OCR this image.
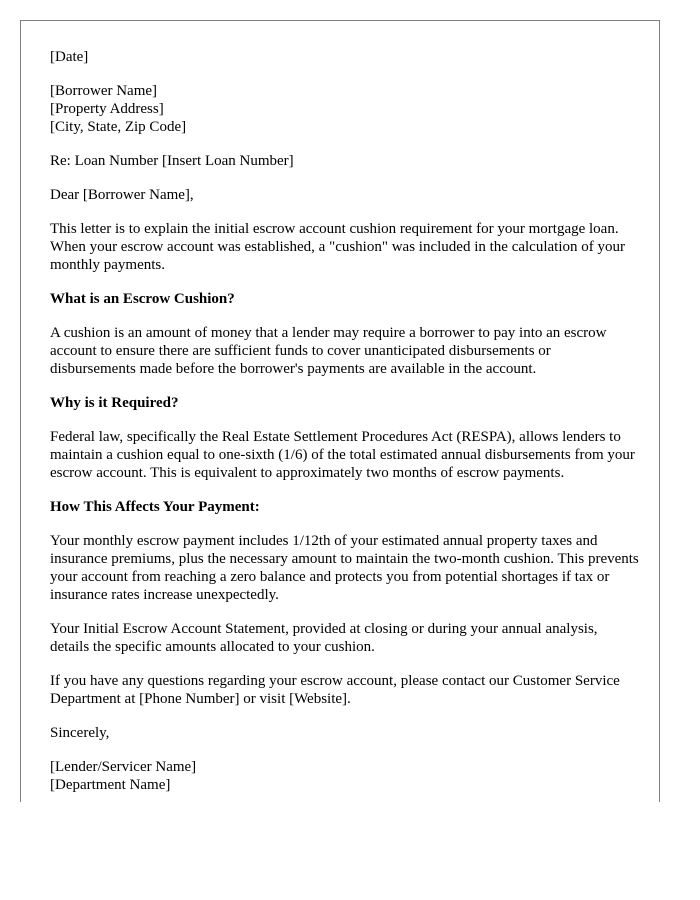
[Date]
[Borrower Name]
[Property Address]
[City, State, Zip Code]
Re: Loan Number [Insert Loan Number]
Dear [Borrower Name],

This letter is to explain the initial escrow account cushion requirement for your mortgage loan. When your escrow account was established, a "cushion" was included in the calculation of your monthly payments.

What is an Escrow Cushion?

A cushion is an amount of money that a lender may require a borrower to pay into an escrow account to ensure there are sufficient funds to cover unanticipated disbursements or disbursements made before the borrower's payments are available in the account.

Why is it Required?

Federal law, specifically the Real Estate Settlement Procedures Act (RESPA), allows lenders to maintain a cushion equal to one-sixth (1/6) of the total estimated annual disbursements from your escrow account. This is equivalent to approximately two months of escrow payments.

How This Affects Your Payment:

Your monthly escrow payment includes 1/12th of your estimated annual property taxes and insurance premiums, plus the necessary amount to maintain the two-month cushion. This prevents your account from reaching a zero balance and protects you from potential shortages if tax or insurance rates increase unexpectedly.

Your Initial Escrow Account Statement, provided at closing or during your annual analysis, details the specific amounts allocated to your cushion.

If you have any questions regarding your escrow account, please contact our Customer Service Department at [Phone Number] or visit [Website].

Sincerely,
[Lender/Servicer Name]
[Department Name]
